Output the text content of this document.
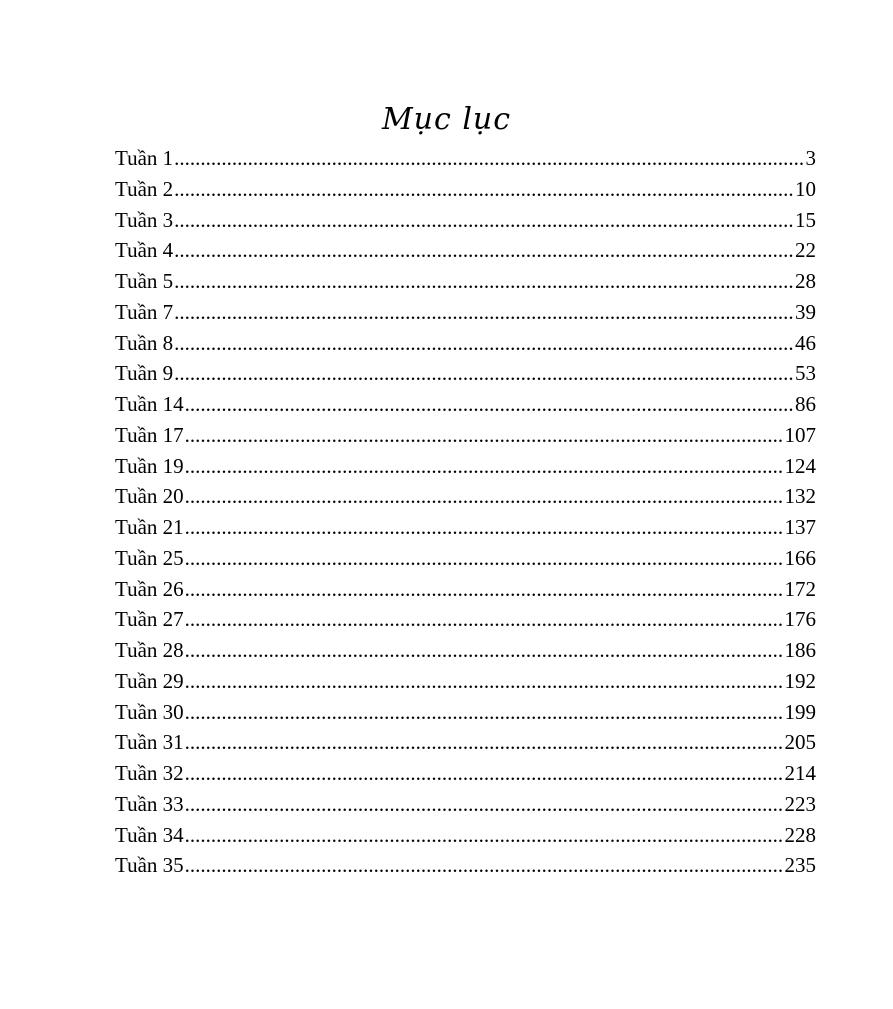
Mục lục
Tuần 1 .....	3
Tuần 2 .....	10
Tuần 3 .....	15
Tuần 4 .....	22
Tuần 5 .....	28
Tuần 7 .....	39
Tuần 8 .....	46
Tuần 9 .....	53
Tuần 14 .....	86
Tuần 17 .....	107
Tuần 19 .....	124
Tuần 20 .....	132
Tuần 21 .....	137
Tuần 25 .....	166
Tuần 26 .....	172
Tuần 27 .....	176
Tuần 28 .....	186
Tuần 29 .....	192
Tuần 30 .....	199
Tuần 31 .....	205
Tuần 32 .....	214
Tuần 33 .....	223
Tuần 34 .....	228
Tuần 35 .....	235
